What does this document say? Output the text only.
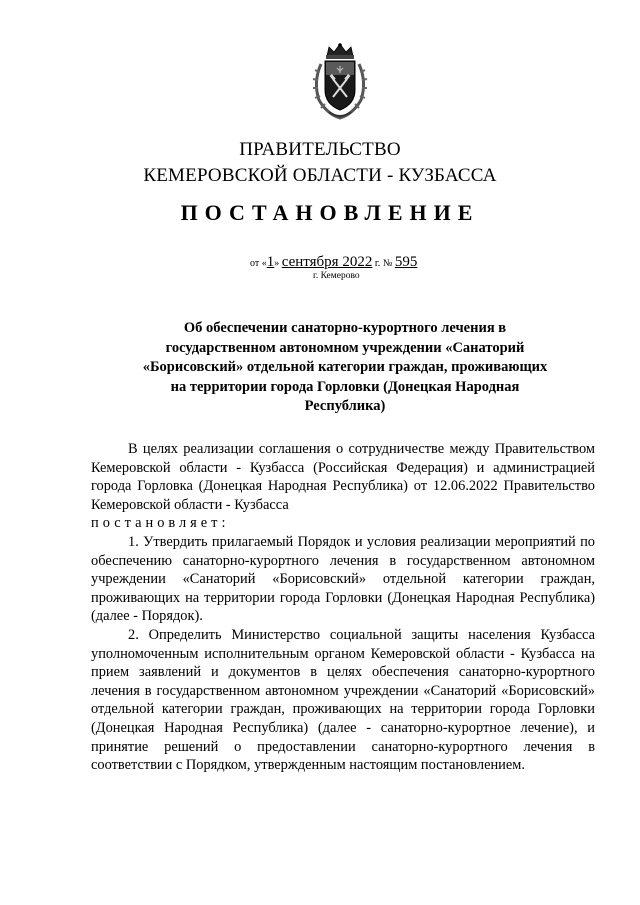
ПРАВИТЕЛЬСТВО
КЕМЕРОВСКОЙ ОБЛАСТИ - КУЗБАССА
ПОСТАНОВЛЕНИЕ
от «1» сентября 2022 г. № 595
г. Кемерово
Об обеспечении санаторно-курортного лечения в государственном автономном учреждении «Санаторий «Борисовский» отдельной категории граждан, проживающих на территории города Горловки (Донецкая Народная Республика)

В целях реализации соглашения о сотрудничестве между Правительством Кемеровской области - Кузбасса (Российская Федерация) и администрацией города Горловка (Донецкая Народная Республика) от 12.06.2022 Правительство Кемеровской области - Кузбасса

постановляет:

1. Утвердить прилагаемый Порядок и условия реализации мероприятий по обеспечению санаторно-курортного лечения в государственном автономном учреждении «Санаторий «Борисовский» отдельной категории граждан, проживающих на территории города Горловки (Донецкая Народная Республика) (далее - Порядок).

2. Определить Министерство социальной защиты населения Кузбасса уполномоченным исполнительным органом Кемеровской области - Кузбасса на прием заявлений и документов в целях обеспечения санаторно-курортного лечения в государственном автономном учреждении «Санаторий «Борисовский» отдельной категории граждан, проживающих на территории города Горловки (Донецкая Народная Республика) (далее - санаторно-курортное лечение), и принятие решений о предоставлении санаторно-курортного лечения в соответствии с Порядком, утвержденным настоящим постановлением.
